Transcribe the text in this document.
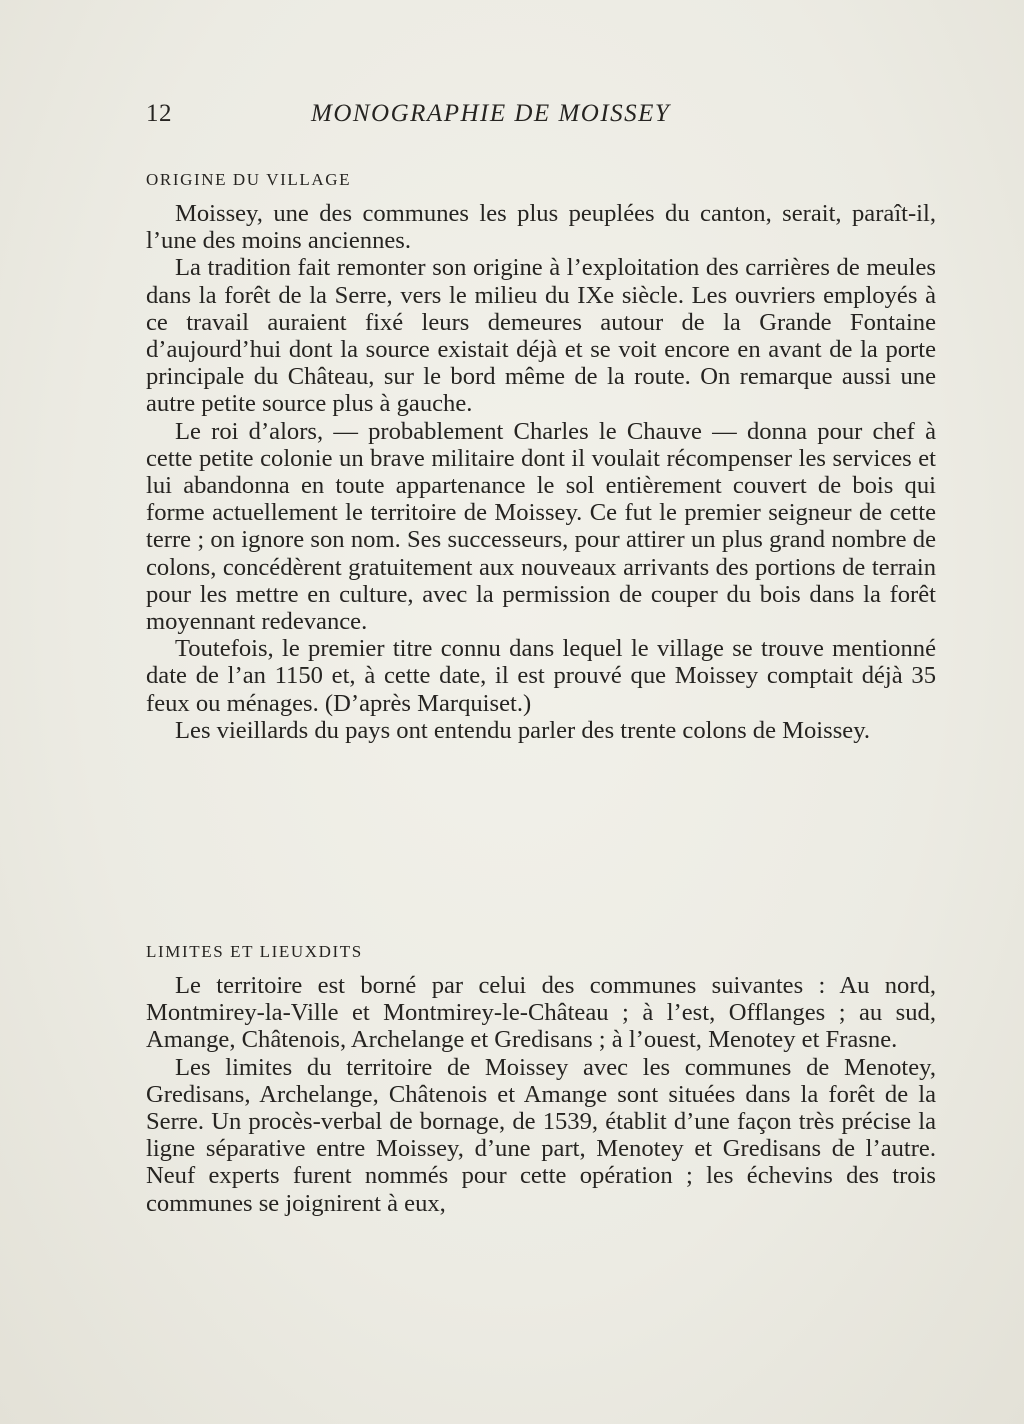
12	MONOGRAPHIE DE MOISSEY
ORIGINE DU VILLAGE

Moissey, une des communes les plus peuplées du canton, serait, paraît-il, l’une des moins anciennes.

La tradition fait remonter son origine à l’exploitation des carrières de meules dans la forêt de la Serre, vers le milieu du IXe siècle. Les ouvriers employés à ce travail auraient fixé leurs demeures autour de la Grande Fontaine d’aujourd’hui dont la source existait déjà et se voit encore en avant de la porte principale du Château, sur le bord même de la route. On remarque aussi une autre petite source plus à gauche.

Le roi d’alors, — probablement Charles le Chauve — donna pour chef à cette petite colonie un brave militaire dont il voulait récompenser les services et lui abandonna en toute appartenance le sol entièrement couvert de bois qui forme actuellement le territoire de Moissey. Ce fut le premier seigneur de cette terre ; on ignore son nom. Ses successeurs, pour attirer un plus grand nombre de colons, concédèrent gratuitement aux nouveaux arrivants des portions de terrain pour les mettre en culture, avec la permission de couper du bois dans la forêt moyennant redevance.

Toutefois, le premier titre connu dans lequel le village se trouve mentionné date de l’an 1150 et, à cette date, il est prouvé que Moissey comptait déjà 35 feux ou ménages. (D’après Marquiset.)

Les vieillards du pays ont entendu parler des trente colons de Moissey.

LIMITES ET LIEUXDITS

Le territoire est borné par celui des communes suivantes : Au nord, Montmirey-la-Ville et Montmirey-le-Château ; à l’est, Offlanges ; au sud, Amange, Châtenois, Archelange et Gredisans ; à l’ouest, Menotey et Frasne.

Les limites du territoire de Moissey avec les communes de Menotey, Gredisans, Archelange, Châtenois et Amange sont situées dans la forêt de la Serre. Un procès-verbal de bornage, de 1539, établit d’une façon très précise la ligne séparative entre Moissey, d’une part, Menotey et Gredisans de l’autre. Neuf experts furent nommés pour cette opération ; les échevins des trois communes se joignirent à eux,
